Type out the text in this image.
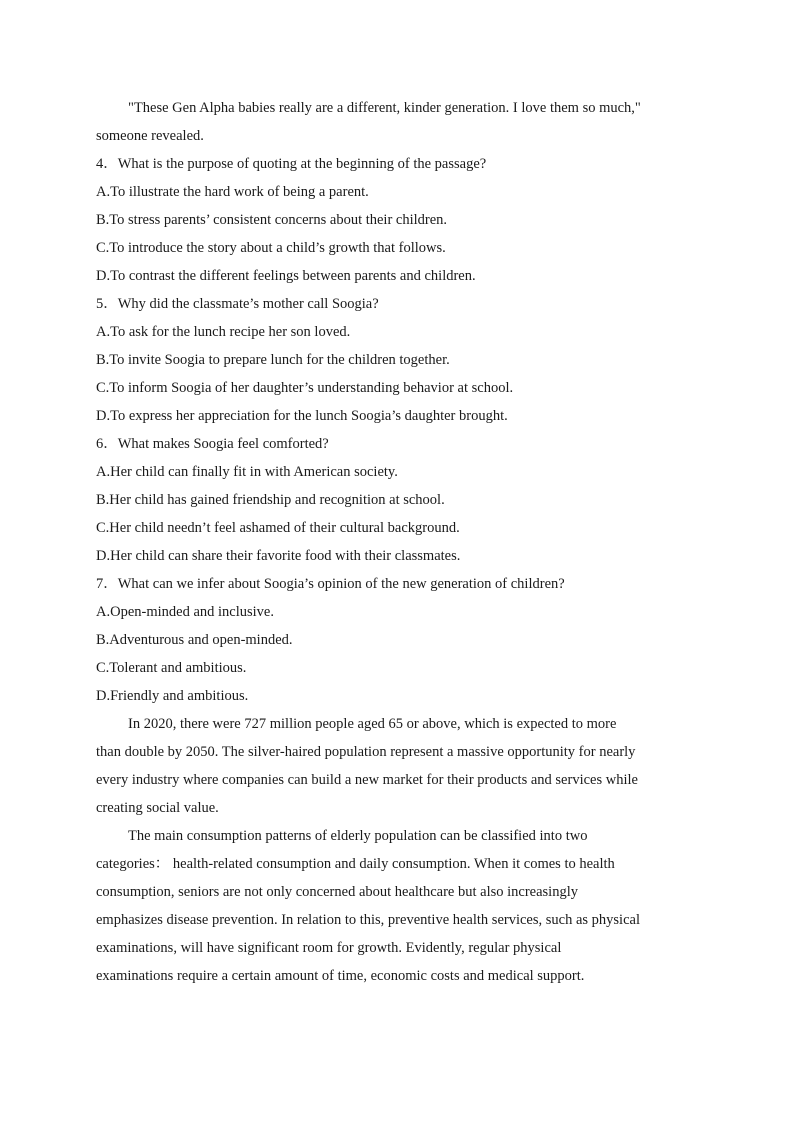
"These Gen Alpha babies really are a different, kinder generation. I love them so much,"
someone revealed.
4．What is the purpose of quoting at the beginning of the passage?
A.To illustrate the hard work of being a parent.
B.To stress parents’ consistent concerns about their children.
C.To introduce the story about a child’s growth that follows.
D.To contrast the different feelings between parents and children.
5．Why did the classmate’s mother call Soogia?
A.To ask for the lunch recipe her son loved.
B.To invite Soogia to prepare lunch for the children together.
C.To inform Soogia of her daughter’s understanding behavior at school.
D.To express her appreciation for the lunch Soogia’s daughter brought.
6．What makes Soogia feel comforted?
A.Her child can finally fit in with American society.
B.Her child has gained friendship and recognition at school.
C.Her child needn’t feel ashamed of their cultural background.
D.Her child can share their favorite food with their classmates.
7．What can we infer about Soogia’s opinion of the new generation of children?
A.Open-minded and inclusive.
B.Adventurous and open-minded.
C.Tolerant and ambitious.
D.Friendly and ambitious.
In 2020, there were 727 million people aged 65 or above, which is expected to more
than double by 2050. The silver-haired population represent a massive opportunity for nearly
every industry where companies can build a new market for their products and services while
creating social value.
The main consumption patterns of elderly population can be classified into two
categories： health-related consumption and daily consumption. When it comes to health
consumption, seniors are not only concerned about healthcare but also increasingly
emphasizes disease prevention. In relation to this, preventive health services, such as physical
examinations, will have significant room for growth. Evidently, regular physical
examinations require a certain amount of time, economic costs and medical support.
